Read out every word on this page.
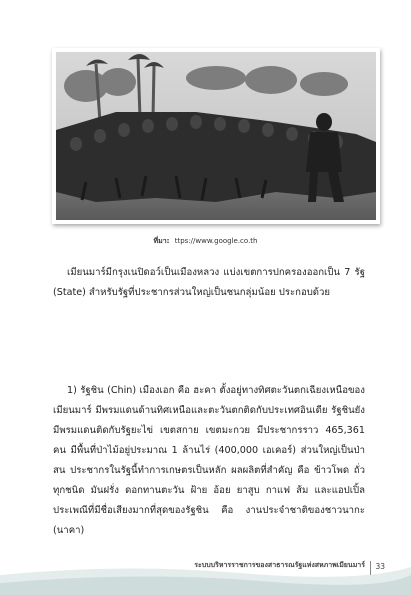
ที่มา: ttps://www.google.co.th
เมียนมาร์มีกรุงเนปิดอว์เป็นเมืองหลวง แบ่งเขตการปกครองออกเป็น 7 รัฐ (State) สำหรับรัฐที่ประชากรส่วนใหญ่เป็นชนกลุ่มน้อย ประกอบด้วย
1) รัฐชิน (Chin) เมืองเอก คือ ฮะคา ตั้งอยู่ทางทิศตะวันตกเฉียงเหนือของเมียนมาร์ มีพรมแดนด้านทิศเหนือและตะวันตกติดกับประเทศอินเดีย รัฐชินยังมีพรมแดนติดกับรัฐยะไข่ เขตสกาย เขตมะกวย มีประชากรราว 465,361 คน มีพื้นที่ป่าไม้อยู่ประมาณ 1 ล้านไร่ (400,000 เอเคอร์) ส่วนใหญ่เป็นป่าสน ประชากรในรัฐนี้ทำการเกษตรเป็นหลัก ผลผลิตที่สำคัญ คือ ข้าวโพด ถั่วทุกชนิด มันฝรั่ง ดอกทานตะวัน ฝ้าย อ้อย ยาสูบ กาแฟ ส้ม และแอปเปิ้ล ประเพณีที่มีชื่อเสียงมากที่สุดของรัฐชิน คือ งานประจำชาติของชาวนากะ (นาคา)
ระบบบริหารราชการของสาธารณรัฐแห่งสหภาพเมียนมาร์ 33
